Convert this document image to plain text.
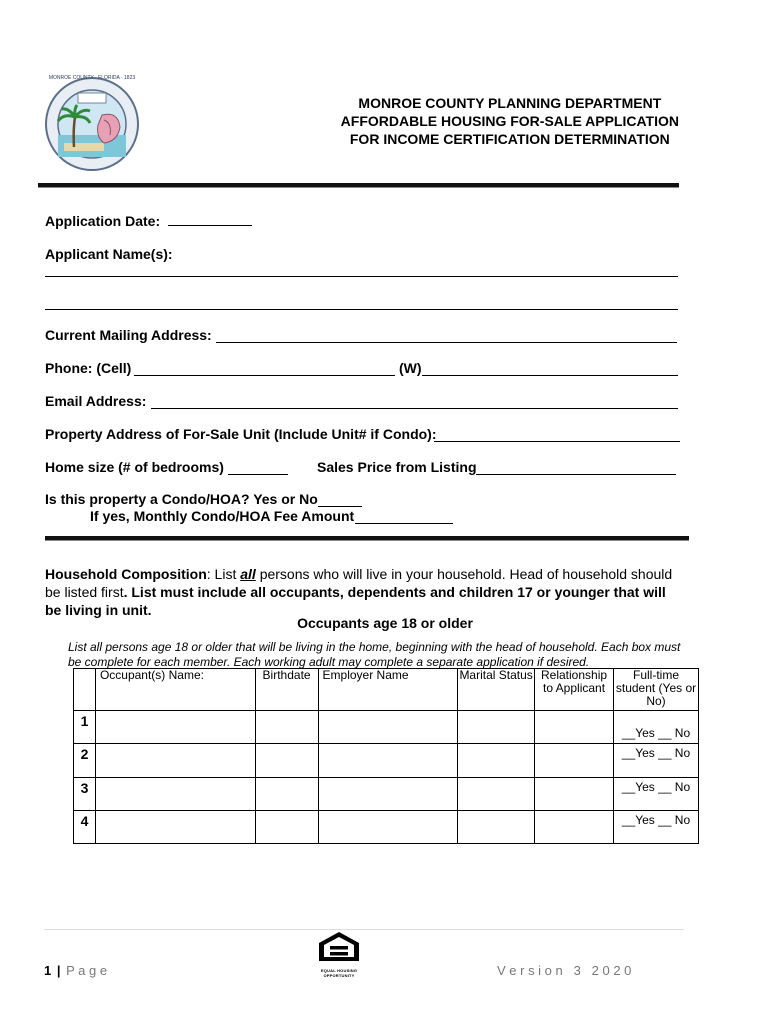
MONROE COUNTY · FLORIDA · 1823
MONROE COUNTY PLANNING DEPARTMENT
AFFORDABLE HOUSING FOR-SALE APPLICATION
FOR INCOME CERTIFICATION DETERMINATION
Application Date:
Applicant Name(s):
Current Mailing Address:
Phone: (Cell)	(W)
Email Address:
Property Address of For-Sale Unit (Include Unit# if Condo):
Home size (# of bedrooms)	Sales Price from Listing
Is this property a Condo/HOA? Yes or No
If yes, Monthly Condo/HOA Fee Amount
Household Composition: List all persons who will live in your household. Head of household should be listed first. List must include all occupants, dependents and children 17 or younger that will be living in unit.
Occupants age 18 or older
List all persons age 18 or older that will be living in the home, beginning with the head of household. Each box must be complete for each member. Each working adult may complete a separate application if desired.
	Occupant(s) Name:	Birthdate	Employer Name	Marital Status	Relationship to Applicant	Full-time student (Yes or No)
1						__Yes __ No
2						__Yes __ No
3						__Yes __ No
4						__Yes __ No
EQUAL HOUSING OPPORTUNITY
1 | P a g e	V e r s i o n   3   2 0 2 0
